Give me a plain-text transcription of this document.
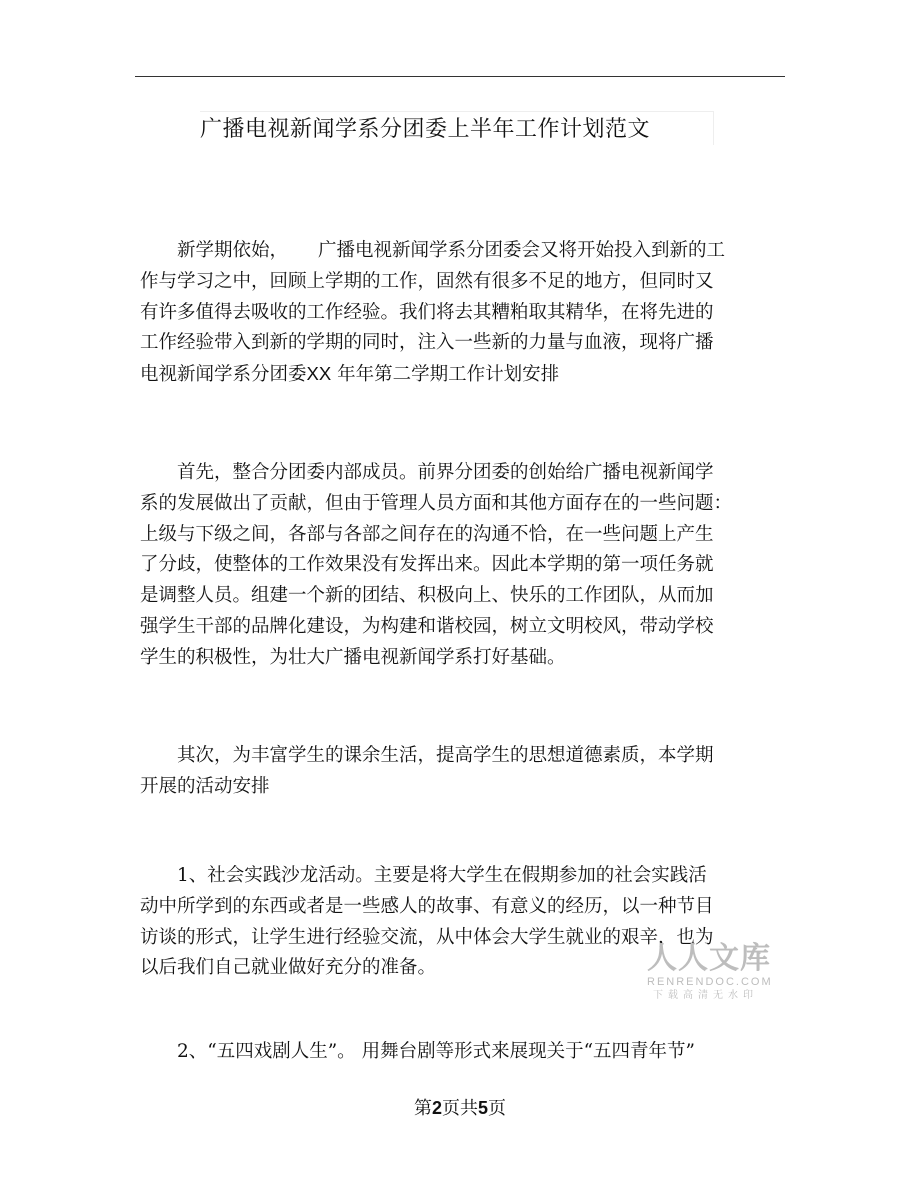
广播电视新闻学系分团委上半年工作计划范文
新学期依始， 广播电视新闻学系分团委会又将开始投入到新的工
作与学习之中，回顾上学期的工作，固然有很多不足的地方，但同时又
有许多值得去吸收的工作经验。我们将去其糟粕取其精华，在将先进的
工作经验带入到新的学期的同时，注入一些新的力量与血液，现将广播
电视新闻学系分团委XX 年年第二学期工作计划安排
首先，整合分团委内部成员。前界分团委的创始给广播电视新闻学
系的发展做出了贡献，但由于管理人员方面和其他方面存在的一些问题：
上级与下级之间，各部与各部之间存在的沟通不恰，在一些问题上产生
了分歧，使整体的工作效果没有发挥出来。因此本学期的第一项任务就
是调整人员。组建一个新的团结、积极向上、快乐的工作团队，从而加
强学生干部的品牌化建设，为构建和谐校园，树立文明校风，带动学校
学生的积极性，为壮大广播电视新闻学系打好基础。
其次，为丰富学生的课余生活，提高学生的思想道德素质，本学期
开展的活动安排
1、社会实践沙龙活动。主要是将大学生在假期参加的社会实践活
动中所学到的东西或者是一些感人的故事、有意义的经历，以一种节目
访谈的形式，让学生进行经验交流，从中体会大学生就业的艰辛，也为
以后我们自己就业做好充分的准备。
2、“五四戏剧人生”。 用舞台剧等形式来展现关于“五四青年节”
人人文库
RENRENDOC.COM
下载高清无水印
第2页共5页
